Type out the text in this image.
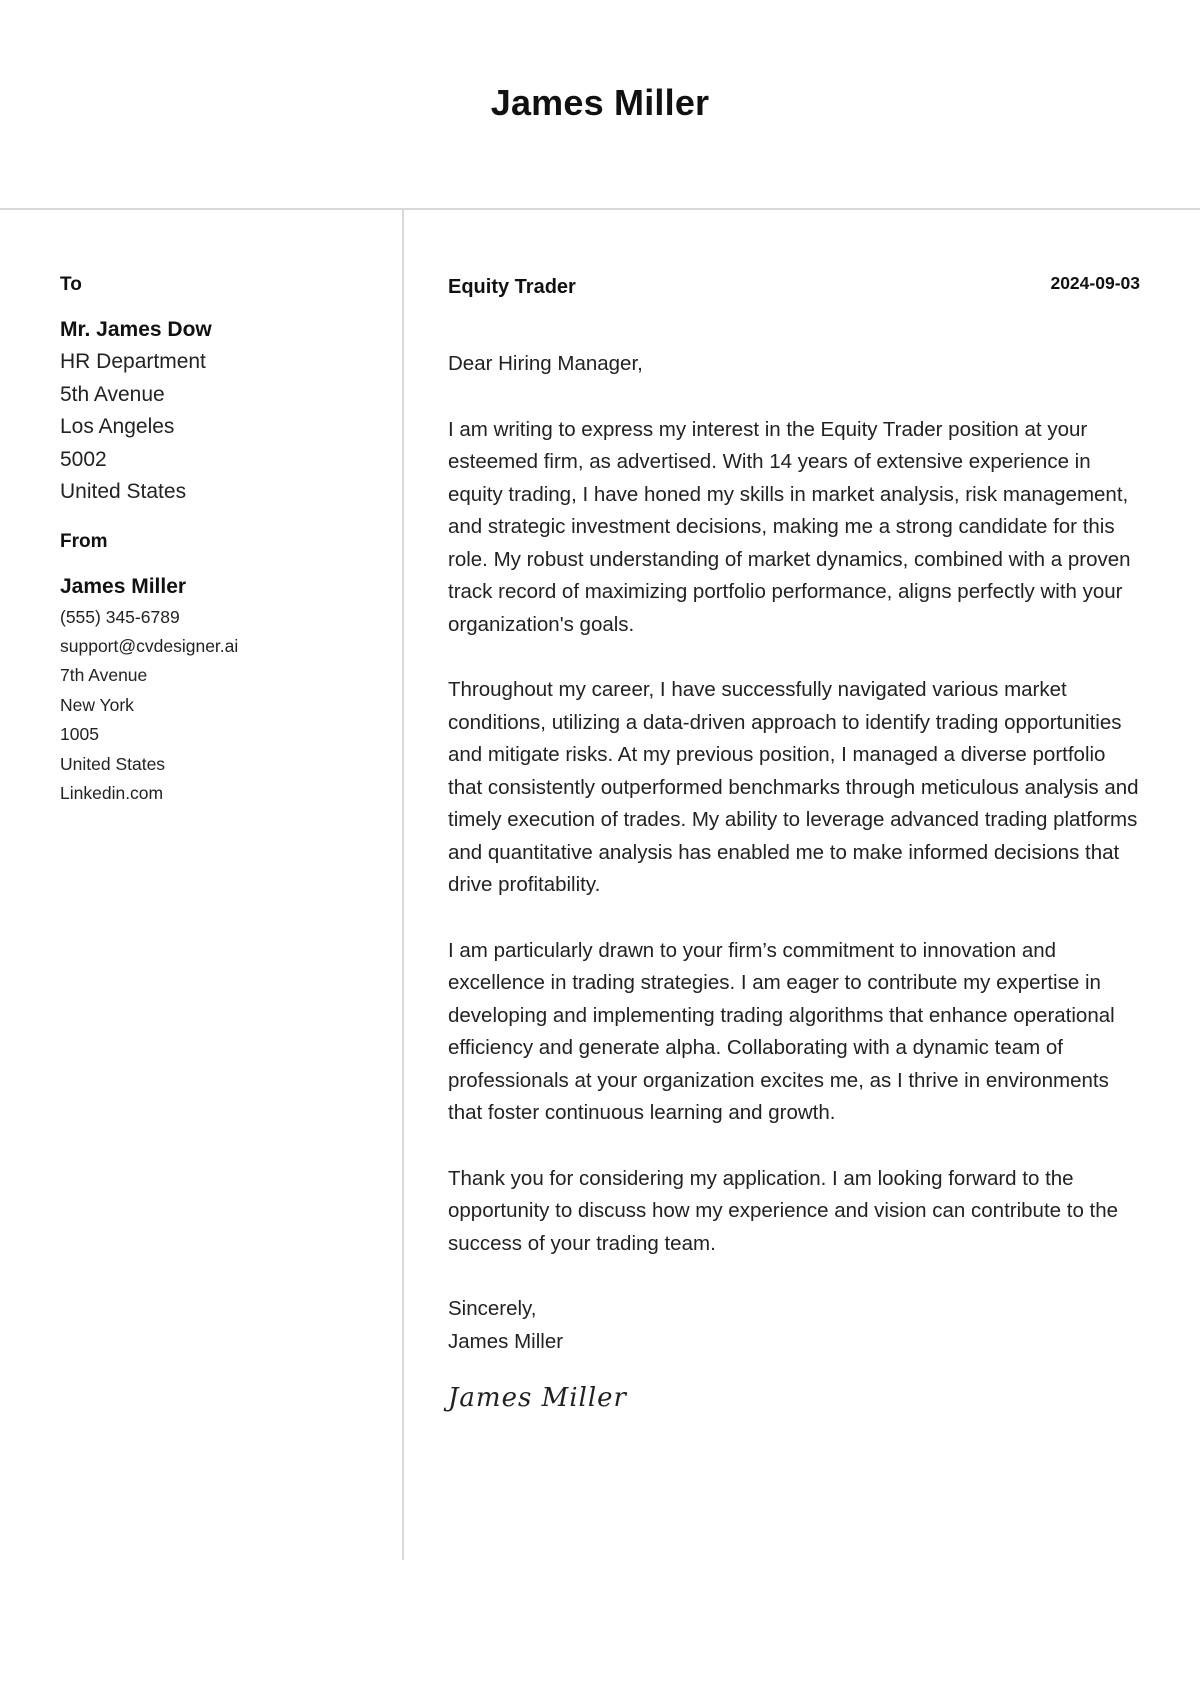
James Miller
To
Mr. James Dow
HR Department
5th Avenue
Los Angeles
5002
United States
From
James Miller
(555) 345-6789
support@cvdesigner.ai
7th Avenue
New York
1005
United States
Linkedin.com
Equity Trader	2024-09-03

Dear Hiring Manager,

I am writing to express my interest in the Equity Trader position at your esteemed firm, as advertised. With 14 years of extensive experience in equity trading, I have honed my skills in market analysis, risk management, and strategic investment decisions, making me a strong candidate for this role. My robust understanding of market dynamics, combined with a proven track record of maximizing portfolio performance, aligns perfectly with your organization's goals.

Throughout my career, I have successfully navigated various market conditions, utilizing a data-driven approach to identify trading opportunities and mitigate risks. At my previous position, I managed a diverse portfolio that consistently outperformed benchmarks through meticulous analysis and timely execution of trades. My ability to leverage advanced trading platforms and quantitative analysis has enabled me to make informed decisions that drive profitability.

I am particularly drawn to your firm’s commitment to innovation and excellence in trading strategies. I am eager to contribute my expertise in developing and implementing trading algorithms that enhance operational efficiency and generate alpha. Collaborating with a dynamic team of professionals at your organization excites me, as I thrive in environments that foster continuous learning and growth.

Thank you for considering my application. I am looking forward to the opportunity to discuss how my experience and vision can contribute to the success of your trading team.

Sincerely,
James Miller
James Miller
